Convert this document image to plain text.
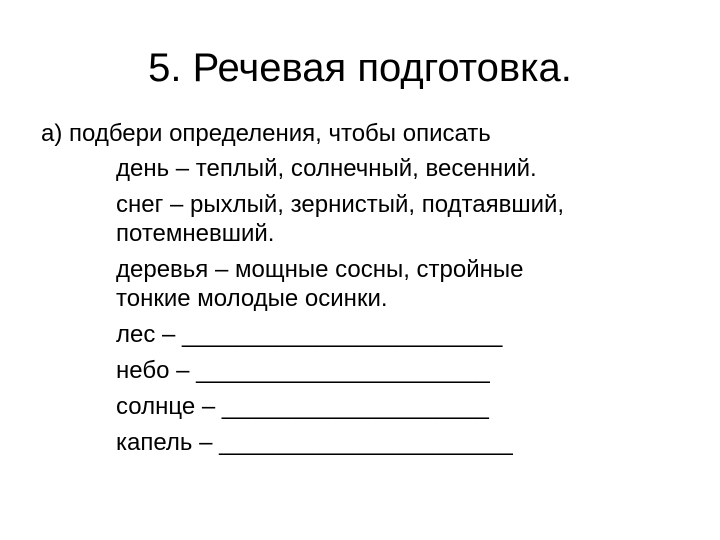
5. Речевая подготовка.
а) подбери определения, чтобы описать
день – теплый, солнечный, весенний.
снег – рыхлый, зернистый, подтаявший,
потемневший.
деревья – мощные сосны, стройные
тонкие молодые осинки.
лес – ________________________
небо – ______________________
солнце – ____________________
капель – ______________________
